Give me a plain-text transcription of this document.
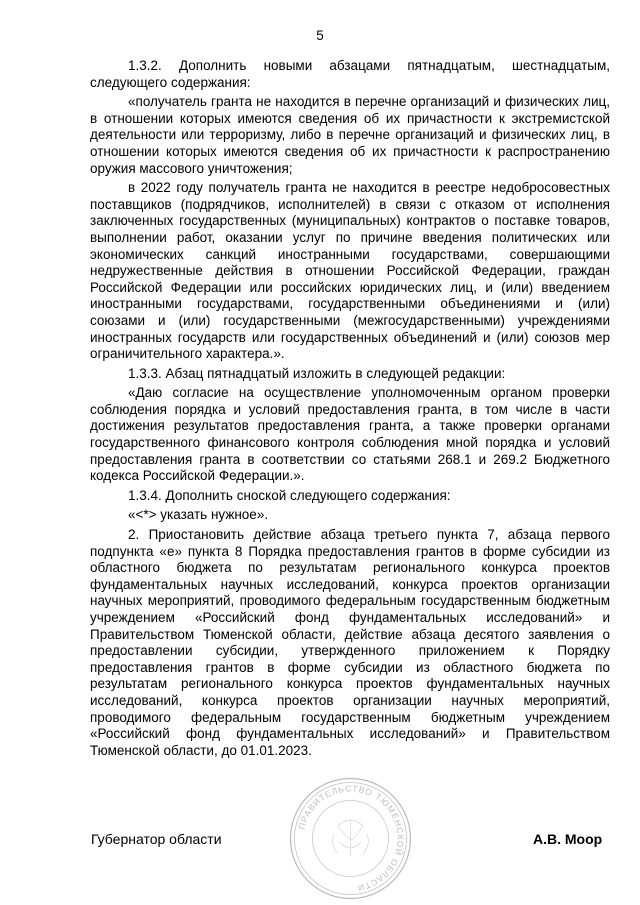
5

1.3.2. Дополнить новыми абзацами пятнадцатым, шестнадцатым, следующего содержания:

«получатель гранта не находится в перечне организаций и физических лиц, в отношении которых имеются сведения об их причастности к экстремистской деятельности или терроризму, либо в перечне организаций и физических лиц, в отношении которых имеются сведения об их причастности к распространению оружия массового уничтожения;

в 2022 году получатель гранта не находится в реестре недобросовестных поставщиков (подрядчиков, исполнителей) в связи с отказом от исполнения заключенных государственных (муниципальных) контрактов о поставке товаров, выполнении работ, оказании услуг по причине введения политических или экономических санкций иностранными государствами, совершающими недружественные действия в отношении Российской Федерации, граждан Российской Федерации или российских юридических лиц, и (или) введением иностранными государствами, государственными объединениями и (или) союзами и (или) государственными (межгосударственными) учреждениями иностранных государств или государственных объединений и (или) союзов мер ограничительного характера.».

1.3.3. Абзац пятнадцатый изложить в следующей редакции:

«Даю согласие на осуществление уполномоченным органом проверки соблюдения порядка и условий предоставления гранта, в том числе в части достижения результатов предоставления гранта, а также проверки органами государственного финансового контроля соблюдения мной порядка и условий предоставления гранта в соответствии со статьями 268.1 и 269.2 Бюджетного кодекса Российской Федерации.».

1.3.4. Дополнить сноской следующего содержания:

«<*> указать нужное».

2. Приостановить действие абзаца третьего пункта 7, абзаца первого подпункта «е» пункта 8 Порядка предоставления грантов в форме субсидии из областного бюджета по результатам регионального конкурса проектов фундаментальных научных исследований, конкурса проектов организации научных мероприятий, проводимого федеральным государственным бюджетным учреждением «Российский фонд фундаментальных исследований» и Правительством Тюменской области, действие абзаца десятого заявления о предоставлении субсидии, утвержденного приложением к Порядку предоставления грантов в форме субсидии из областного бюджета по результатам регионального конкурса проектов фундаментальных научных исследований, конкурса проектов организации научных мероприятий, проводимого федеральным государственным бюджетным учреждением «Российский фонд фундаментальных исследований» и Правительством Тюменской области, до 01.01.2023.

ПРАВИТЕЛЬСТВО ТЮМЕНСКОЙ ОБЛАСТИ
Губернатор области	А.В. Моор
